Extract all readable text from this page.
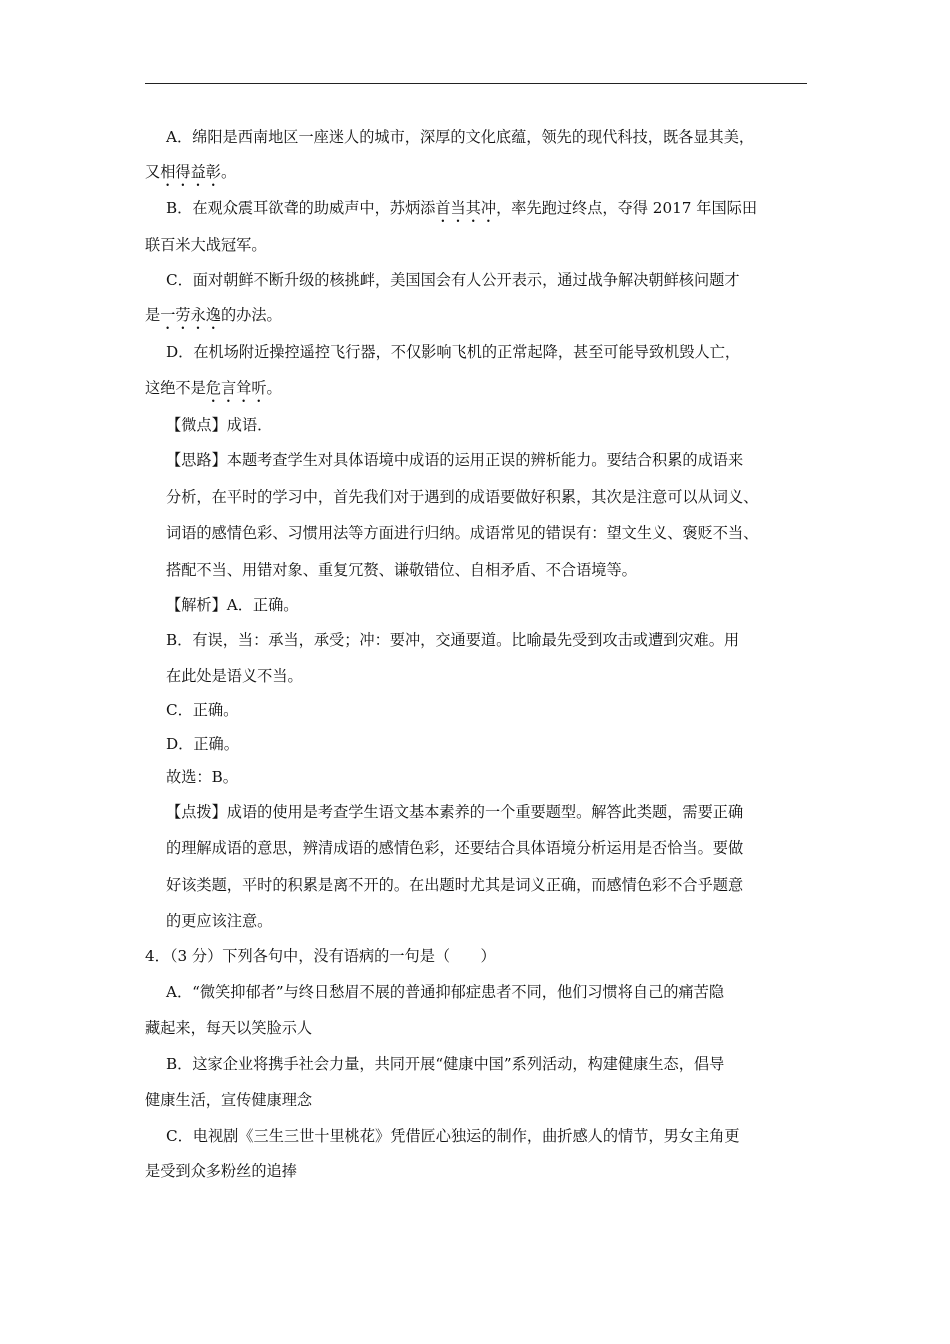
A．绵阳是西南地区一座迷人的城市，深厚的文化底蕴，领先的现代科技，既各显其美，
又相得益彰。
B．在观众震耳欲聋的助威声中，苏炳添首当其冲，率先跑过终点，夺得 2017 年国际田
联百米大战冠军。
C．面对朝鲜不断升级的核挑衅，美国国会有人公开表示，通过战争解决朝鲜核问题才
是一劳永逸的办法。
D．在机场附近操控遥控飞行器，不仅影响飞机的正常起降，甚至可能导致机毁人亡，
这绝不是危言耸听。
【微点】成语．
【思路】本题考查学生对具体语境中成语的运用正误的辨析能力。要结合积累的成语来
分析，在平时的学习中，首先我们对于遇到的成语要做好积累，其次是注意可以从词义、
词语的感情色彩、习惯用法等方面进行归纳。成语常见的错误有：望文生义、褒贬不当、
搭配不当、用错对象、重复冗赘、谦敬错位、自相矛盾、不合语境等。
【解析】A．正确。
B．有误，当：承当，承受；冲：要冲，交通要道。比喻最先受到攻击或遭到灾难。用
在此处是语义不当。
C．正确。
D．正确。
故选：B。
【点拨】成语的使用是考查学生语文基本素养的一个重要题型。解答此类题，需要正确
的理解成语的意思，辨清成语的感情色彩，还要结合具体语境分析运用是否恰当。要做
好该类题，平时的积累是离不开的。在出题时尤其是词义正确，而感情色彩不合乎题意
的更应该注意。
4．（3 分）下列各句中，没有语病的一句是（　　）
A．“微笑抑郁者”与终日愁眉不展的普通抑郁症患者不同，他们习惯将自己的痛苦隐
藏起来，每天以笑脸示人
B．这家企业将携手社会力量，共同开展“健康中国”系列活动，构建健康生态，倡导
健康生活，宣传健康理念
C．电视剧《三生三世十里桃花》凭借匠心独运的制作，曲折感人的情节，男女主角更
是受到众多粉丝的追捧
